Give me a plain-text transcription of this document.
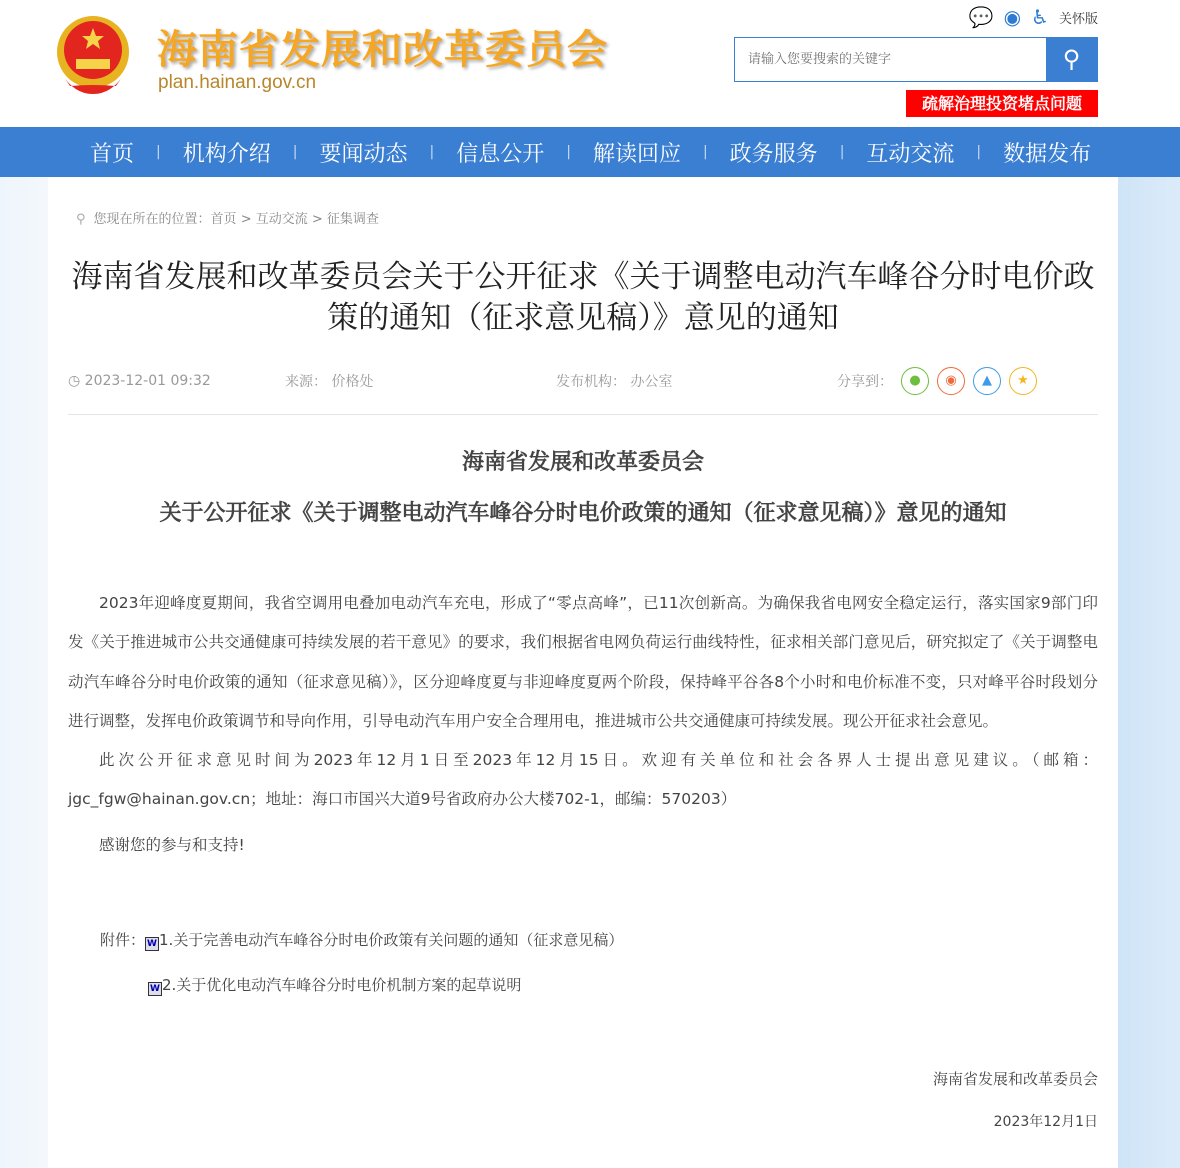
海南省发展和改革委员会
plan.hainan.gov.cn
💬 ◉ ♿ 关怀版
请输入您要搜索的关键字
⚲
疏解治理投资堵点问题
首页	|	机构介绍	|	要闻动态	|	信息公开	|	解读回应	|	政务服务	|	互动交流	|	数据发布
⚲ 您现在所在的位置：首页 > 互动交流 > 征集调查
海南省发展和改革委员会关于公开征求《关于调整电动汽车峰谷分时电价政策的通知（征求意见稿）》意见的通知
◷ 2023-12-01 09:32	来源： 价格处	发布机构： 办公室	分享到：	●	◉	▲	★
海南省发展和改革委员会
关于公开征求《关于调整电动汽车峰谷分时电价政策的通知（征求意见稿）》意见的通知

2023年迎峰度夏期间，我省空调用电叠加电动汽车充电，形成了“零点高峰”，已11次创新高。为确保我省电网安全稳定运行，落实国家9部门印发《关于推进城市公共交通健康可持续发展的若干意见》的要求，我们根据省电网负荷运行曲线特性，征求相关部门意见后，研究拟定了《关于调整电动汽车峰谷分时电价政策的通知（征求意见稿）》，区分迎峰度夏与非迎峰度夏两个阶段，保持峰平谷各8个小时和电价标准不变，只对峰平谷时段划分进行调整，发挥电价政策调节和导向作用，引导电动汽车用户安全合理用电，推进城市公共交通健康可持续发展。现公开征求社会意见。

此次公开征求意见时间为2023年12月1日至2023年12月15日。欢迎有关单位和社会各界人士提出意见建议。（邮箱：jgc_fgw@hainan.gov.cn；地址：海口市国兴大道9号省政府办公大楼702-1，邮编：570203）

感谢您的参与和支持!

附件： W 1.关于完善电动汽车峰谷分时电价政策有关问题的通知（征求意见稿）
W 2.关于优化电动汽车峰谷分时电价机制方案的起草说明
海南省发展和改革委员会
2023年12月1日
